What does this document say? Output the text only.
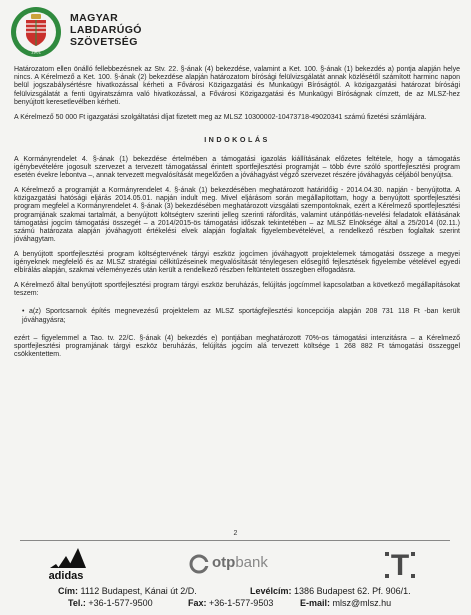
1901
MAGYAR
LABDARÚGÓ
SZÖVETSÉG

Határozatom ellen önálló fellebbezésnek az Stv. 22. §-ának (4) bekezdése, valamint a Ket. 100. §-ának (1) bekezdés a) pontja alapján helye nincs. A Kérelmező a Ket. 100. §-ának (2) bekezdése alapján határozatom bírósági felülvizsgálatát annak közlésétől számított harminc napon belül jogszabálysértésre hivatkozással kérheti a Fővárosi Közigazgatási és Munkaügyi Bíróságtól. A közigazgatási határozat bírósági felülvizsgálatát a fenti ügyiratszámra való hivatkozással, a Fővárosi Közigazgatási és Munkaügyi Bíróságnak címzett, de az MLSZ-hez benyújtott keresetlevélben kérheti.

A Kérelmező 50 000 Ft igazgatási szolgáltatási díjat fizetett meg az MLSZ 10300002-10473718-49020341 számú fizetési számlájára.

INDOKOLÁS

A Kormányrendelet 4. §-ának (1) bekezdése értelmében a támogatási igazolás kiállításának előzetes feltétele, hogy a támogatás igénybevételére jogosult szervezet a tervezett támogatással érintett sportfejlesztési programját – több évre szóló sportfejlesztési program esetén évekre lebontva –, annak tervezett megvalósítását megelőzően a jóváhagyást végző szervezet részére jóváhagyás céljából benyújtsa.

A Kérelmező a programját a Kormányrendelet 4. §-ának (1) bekezdésében meghatározott határidőig - 2014.04.30. napján - benyújtotta. A közigazgatási hatósági eljárás 2014.05.01. napján indult meg. Mivel eljárásom során megállapítottam, hogy a benyújtott sportfejlesztési program megfelel a Kormányrendelet 4. §-ának (3) bekezdésében meghatározott vizsgálati szempontoknak, ezért a Kérelmező sportfejlesztési programjának szakmai tartalmát, a benyújtott költségterv szerinti jelleg szerinti ráfordítás, valamint utánpótlás-nevelési feladatok ellátásának támogatási jogcím támogatási összegét – a 2014/2015-ös támogatási időszak tekintetében – az MLSZ Elnöksége által a 25/2014 (02.11.) számú határozata alapján jóváhagyott értékelési elvek alapján foglaltak figyelembevételével, a rendelkező részben foglaltak szerint jóváhagytam.

A benyújtott sportfejlesztési program költségtervének tárgyi eszköz jogcímen jóváhagyott projektelemek támogatási összege a megyei igényeknek megfelelő és az MLSZ stratégiai célkitűzéseinek megvalósítását ténylegesen elősegítő fejlesztések figyelembe vételével egyedi elbírálás alapján, szakmai véleményezés után került a rendelkező részben feltüntetett összegben elfogadásra.

A Kérelmező által benyújtott sportfejlesztési program tárgyi eszköz beruházás, felújítás jogcímmel kapcsolatban a következő megállapításokat teszem:

• a(z) Sportcsarnok építés megnevezésű projektelem az MLSZ sportágfejlesztési koncepciója alapján 208 731 118 Ft -ban került jóváhagyásra;

ezért – figyelemmel a Tao. tv. 22/C. §-ának (4) bekezdés e) pontjában meghatározott 70%-os támogatási intenzitásra – a Kérelmező sportfejlesztési programjának tárgyi eszköz beruházás, felújítás jogcím alá tervezett költsége 1 268 882 Ft támogatási összeggel csökkentettem.

2
adidas
otpbank	T
Cím: 1112 Budapest, Kánai út 2/D.	Levélcím: 1386 Budapest 62. Pf. 906/1.
Tel.: +36-1-577-9500	Fax: +36-1-577-9503	E-mail: mlsz@mlsz.hu
